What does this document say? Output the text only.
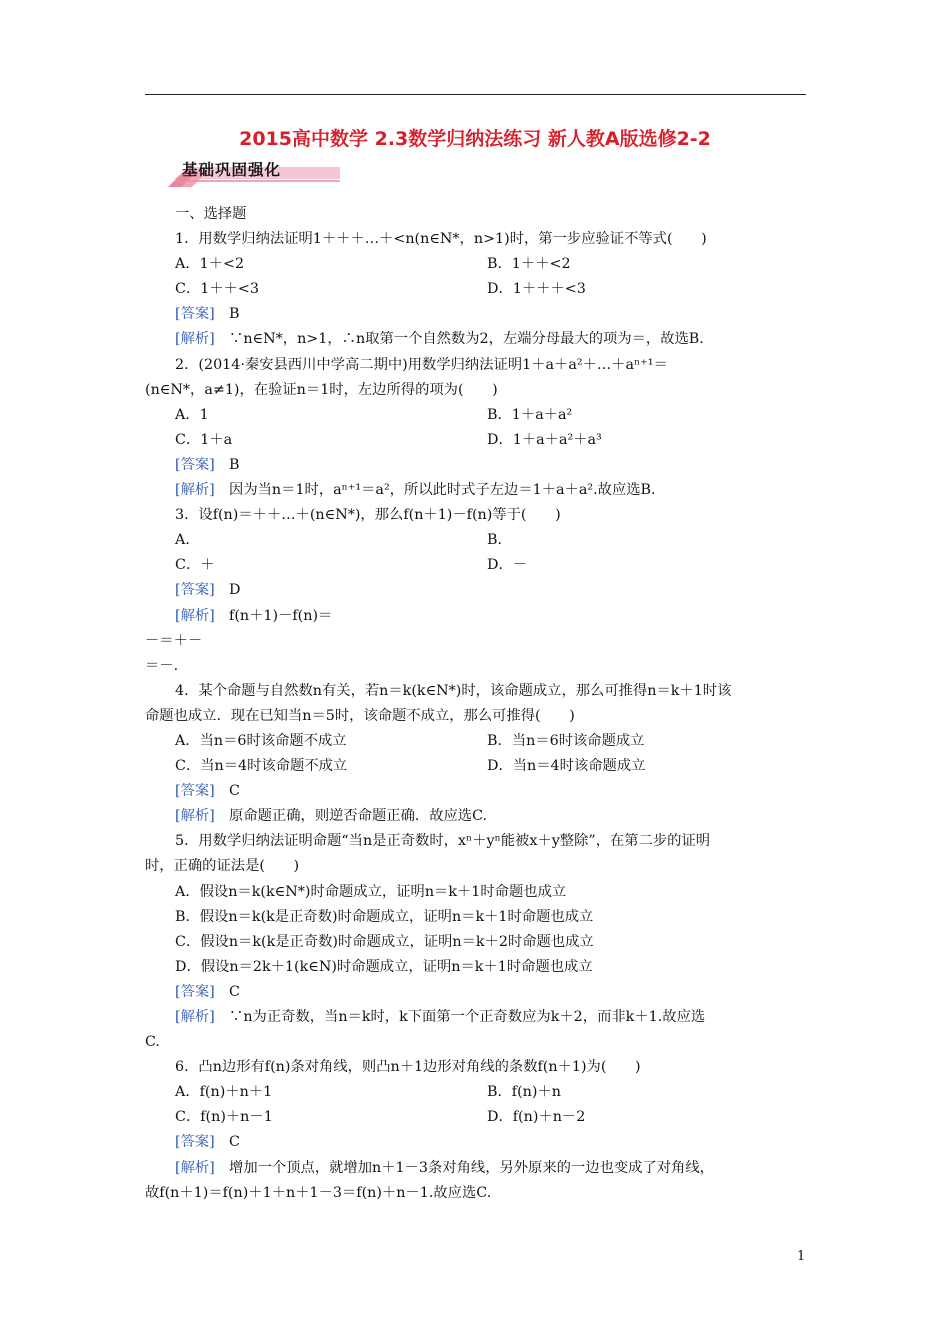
2015高中数学 2.3数学归纳法练习 新人教A版选修2-2
基础巩固强化
一、选择题
1．用数学归纳法证明1＋＋＋…＋<n(n∈N*，n>1)时，第一步应验证不等式(　　)
A．1＋<2	B．1＋＋<2
C．1＋＋<3	D．1＋＋＋<3
[答案]　 B
[解析]　 ∵n∈N*，n>1，∴n取第一个自然数为2，左端分母最大的项为＝，故选B.
2．(2014·秦安县西川中学高二期中)用数学归纳法证明1＋a＋a²＋…＋aⁿ⁺¹＝
(n∈N*，a≠1)，在验证n＝1时，左边所得的项为(　　)
A．1	B．1＋a＋a²
C．1＋a	D．1＋a＋a²＋a³
[答案]　 B
[解析]　 因为当n＝1时，aⁿ⁺¹＝a²，所以此时式子左边＝1＋a＋a².故应选B.
3．设f(n)＝＋＋…＋(n∈N*)，那么f(n＋1)－f(n)等于(　　)
A．	B．
C．＋	D．－
[答案]　 D
[解析]　 f(n＋1)－f(n)＝
－＝＋－
＝－.
4．某个命题与自然数n有关，若n＝k(k∈N*)时，该命题成立，那么可推得n＝k＋1时该
命题也成立．现在已知当n＝5时，该命题不成立，那么可推得(　　)
A．当n＝6时该命题不成立	B．当n＝6时该命题成立
C．当n＝4时该命题不成立	D．当n＝4时该命题成立
[答案]　 C
[解析]　 原命题正确，则逆否命题正确．故应选C.
5．用数学归纳法证明命题“当n是正奇数时，xⁿ＋yⁿ能被x＋y整除”，在第二步的证明
时，正确的证法是(　　)
A．假设n＝k(k∈N*)时命题成立，证明n＝k＋1时命题也成立
B．假设n＝k(k是正奇数)时命题成立，证明n＝k＋1时命题也成立
C．假设n＝k(k是正奇数)时命题成立，证明n＝k＋2时命题也成立
D．假设n＝2k＋1(k∈N)时命题成立，证明n＝k＋1时命题也成立
[答案]　 C
[解析]　 ∵n为正奇数，当n＝k时，k下面第一个正奇数应为k＋2，而非k＋1.故应选
C.
6．凸n边形有f(n)条对角线，则凸n＋1边形对角线的条数f(n＋1)为(　　)
A．f(n)＋n＋1	B．f(n)＋n
C．f(n)＋n－1	D．f(n)＋n－2
[答案]　 C
[解析]　 增加一个顶点，就增加n＋1－3条对角线，另外原来的一边也变成了对角线，
故f(n＋1)＝f(n)＋1＋n＋1－3＝f(n)＋n－1.故应选C.
1
